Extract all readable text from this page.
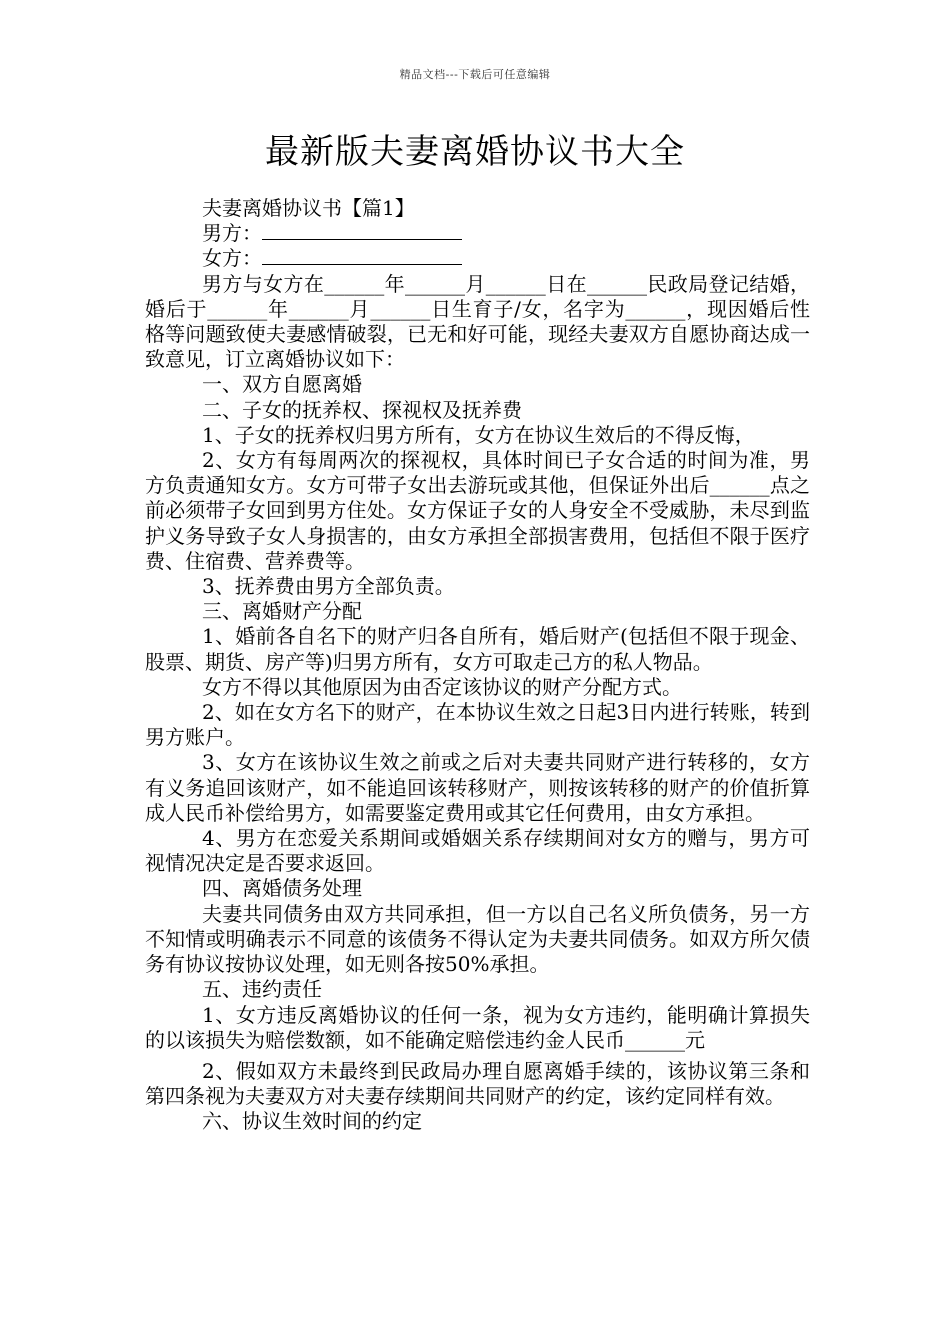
精品文档---下载后可任意编辑
最新版夫妻离婚协议书大全

夫妻离婚协议书【篇1】

男方：

女方：

男方与女方在______年______月______日在______民政局登记结婚，婚后于______年______月______日生育子/女，名字为______，现因婚后性格等问题致使夫妻感情破裂，已无和好可能，现经夫妻双方自愿协商达成一致意见，订立离婚协议如下：

一、双方自愿离婚

二、子女的抚养权、探视权及抚养费

1、子女的抚养权归男方所有，女方在协议生效后的不得反悔，

2、女方有每周两次的探视权，具体时间已子女合适的时间为准，男方负责通知女方。女方可带子女出去游玩或其他，但保证外出后______点之前必须带子女回到男方住处。女方保证子女的人身安全不受威胁，未尽到监护义务导致子女人身损害的，由女方承担全部损害费用，包括但不限于医疗费、住宿费、营养费等。

3、抚养费由男方全部负责。

三、离婚财产分配

1、婚前各自名下的财产归各自所有，婚后财产(包括但不限于现金、股票、期货、房产等)归男方所有，女方可取走己方的私人物品。

女方不得以其他原因为由否定该协议的财产分配方式。

2、如在女方名下的财产，在本协议生效之日起3日内进行转账，转到男方账户。

3、女方在该协议生效之前或之后对夫妻共同财产进行转移的，女方有义务追回该财产，如不能追回该转移财产，则按该转移的财产的价值折算成人民币补偿给男方，如需要鉴定费用或其它任何费用，由女方承担。

4、男方在恋爱关系期间或婚姻关系存续期间对女方的赠与，男方可视情况决定是否要求返回。

四、离婚债务处理

夫妻共同债务由双方共同承担，但一方以自己名义所负债务，另一方不知情或明确表示不同意的该债务不得认定为夫妻共同债务。如双方所欠债务有协议按协议处理，如无则各按50%承担。

五、违约责任

1、女方违反离婚协议的任何一条，视为女方违约，能明确计算损失的以该损失为赔偿数额，如不能确定赔偿违约金人民币______元

2、假如双方未最终到民政局办理自愿离婚手续的，该协议第三条和第四条视为夫妻双方对夫妻存续期间共同财产的约定，该约定同样有效。

六、协议生效时间的约定
